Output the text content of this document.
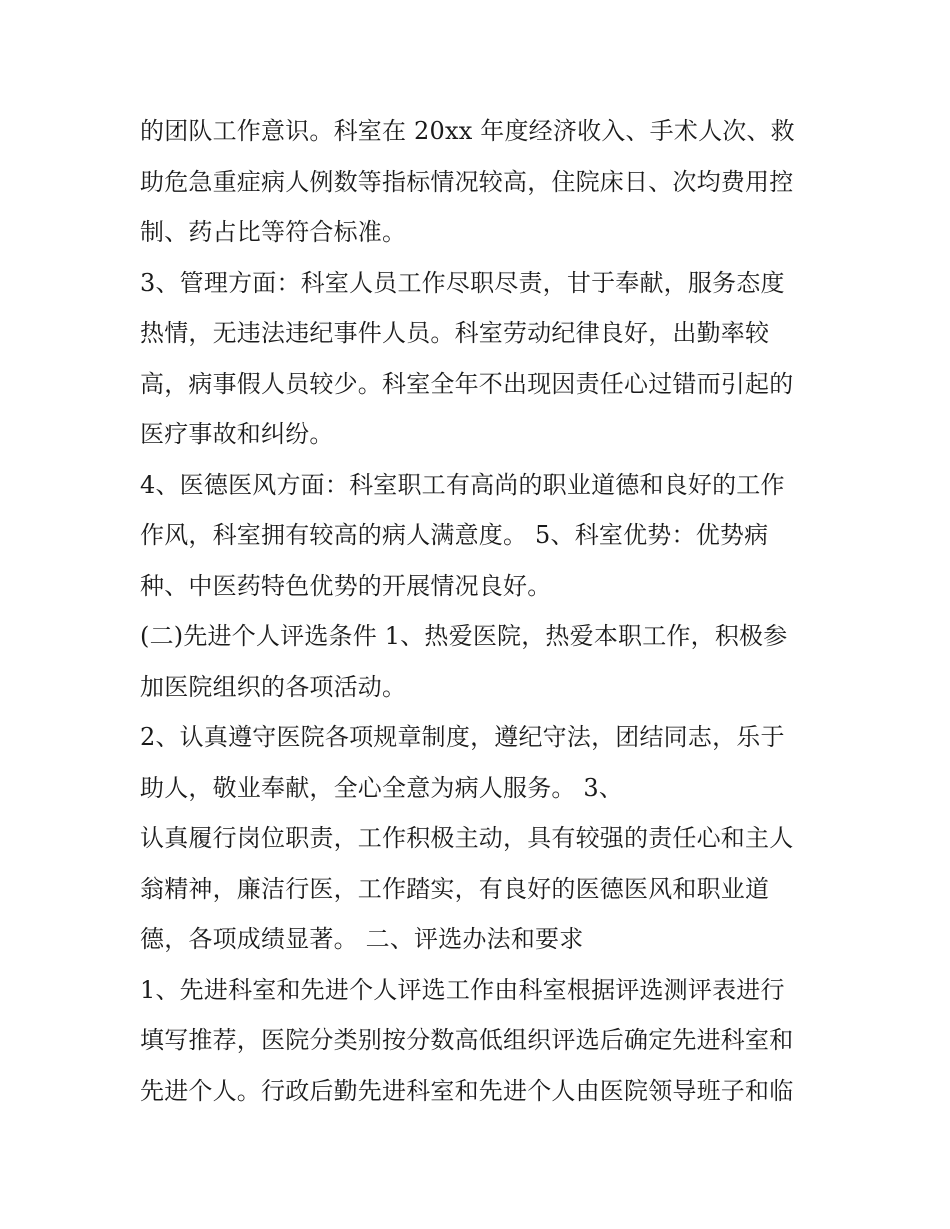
的团队工作意识。科室在 20xx 年度经济收入、手术人次、救
助危急重症病人例数等指标情况较高，住院床日、次均费用控
制、药占比等符合标准。
3、管理方面：科室人员工作尽职尽责，甘于奉献，服务态度
热情，无违法违纪事件人员。科室劳动纪律良好，出勤率较
高，病事假人员较少。科室全年不出现因责任心过错而引起的
医疗事故和纠纷。
4、医德医风方面：科室职工有高尚的职业道德和良好的工作
作风，科室拥有较高的病人满意度。 5、科室优势：优势病
种、中医药特色优势的开展情况良好。
(二)先进个人评选条件 1、热爱医院，热爱本职工作，积极参
加医院组织的各项活动。
2、认真遵守医院各项规章制度，遵纪守法，团结同志，乐于
助人，敬业奉献，全心全意为病人服务。 3、
认真履行岗位职责，工作积极主动，具有较强的责任心和主人
翁精神，廉洁行医，工作踏实，有良好的医德医风和职业道
德，各项成绩显著。 二、评选办法和要求
1、先进科室和先进个人评选工作由科室根据评选测评表进行
填写推荐，医院分类别按分数高低组织评选后确定先进科室和
先进个人。行政后勤先进科室和先进个人由医院领导班子和临
